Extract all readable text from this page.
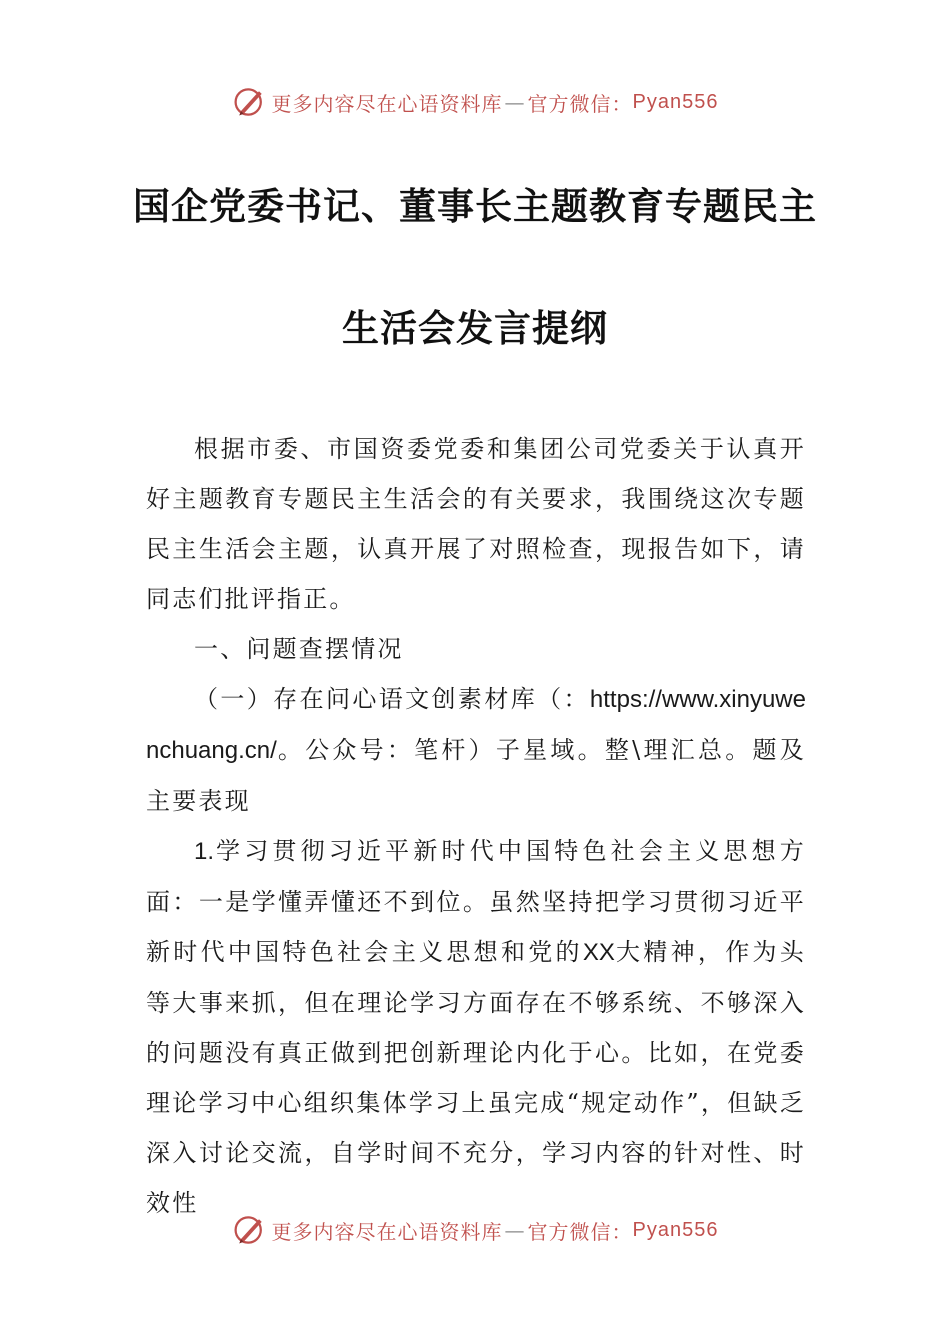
更多内容尽在心语资料库 — 官方微信： Pyan556
国企党委书记、董事长主题教育专题民主
生活会发言提纲

根据市委、市国资委党委和集团公司党委关于认真开好主题教育专题民主生活会的有关要求，我围绕这次专题民主生活会主题，认真开展了对照检查，现报告如下，请同志们批评指正。

一、问题查摆情况

（一）存在问心语文创素材库（：https://www.xinyuwenchuang.cn/。公众号：笔杆）子星域。整\理汇总。题及主要表现

1.学习贯彻习近平新时代中国特色社会主义思想方面：一是学懂弄懂还不到位。虽然坚持把学习贯彻习近平新时代中国特色社会主义思想和党的XX大精神，作为头等大事来抓，但在理论学习方面存在不够系统、不够深入的问题没有真正做到把创新理论内化于心。比如，在党委理论学习中心组织集体学习上虽完成“规定动作”，但缺乏深入讨论交流，自学时间不充分，学习内容的针对性、时效性

更多内容尽在心语资料库 — 官方微信： Pyan556
